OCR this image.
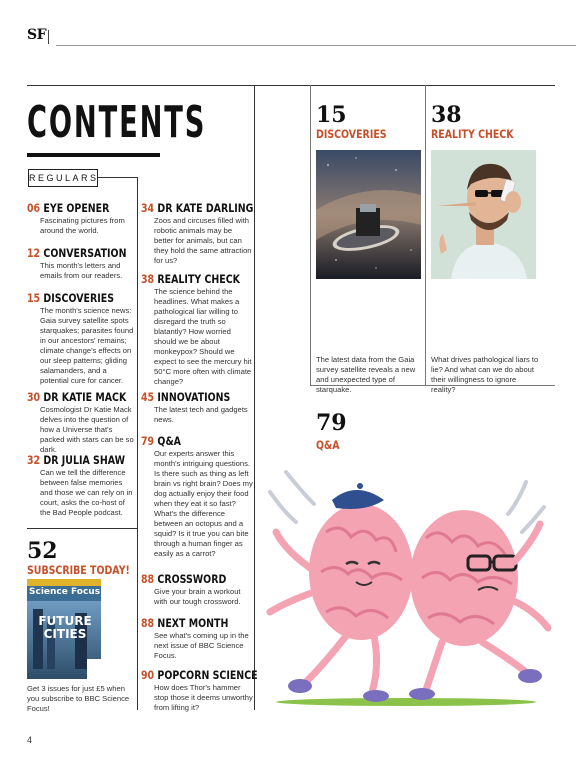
SF
CONTENTS
REGULARS
06 EYE OPENER
Fascinating pictures from around the world.
12 CONVERSATION
This month's letters and emails from our readers.
15 DISCOVERIES
The month's science news: Gaia survey satellite spots starquakes; parasites found in our ancestors' remains; climate change's effects on our sleep patterns; gliding salamanders, and a potential cure for cancer.
30 DR KATIE MACK
Cosmologist Dr Katie Mack delves into the question of how a Universe that's packed with stars can be so dark.
32 DR JULIA SHAW
Can we tell the difference between false memories and those we can rely on in court, asks the co-host of the Bad People podcast.
52
SUBSCRIBE TODAY!
Science Focus
FUTURE CITIES
Get 3 issues for just £5 when you subscribe to BBC Science Focus!
34 DR KATE DARLING
Zoos and circuses filled with robotic animals may be better for animals, but can they hold the same attraction for us?
38 REALITY CHECK
The science behind the headlines. What makes a pathological liar willing to disregard the truth so blatantly? How worried should we be about monkeypox? Should we expect to see the mercury hit 50°C more often with climate change?
45 INNOVATIONS
The latest tech and gadgets news.
79 Q&A
Our experts answer this month's intriguing questions. Is there such as thing as left brain vs right brain? Does my dog actually enjoy their food when they eat it so fast? What's the difference between an octopus and a squid? Is it true you can bite through a human finger as easily as a carrot?
88 CROSSWORD
Give your brain a workout with our tough crossword.
88 NEXT MONTH
See what's coming up in the next issue of BBC Science Focus.
90 POPCORN SCIENCE
How does Thor's hammer stop those it deems unworthy from lifting it?
15
DISCOVERIES
The latest data from the Gaia survey satellite reveals a new and unexpected type of starquake.
38
REALITY CHECK
What drives pathological liars to lie? And what can we do about their willingness to ignore reality?
79
Q&A
4
